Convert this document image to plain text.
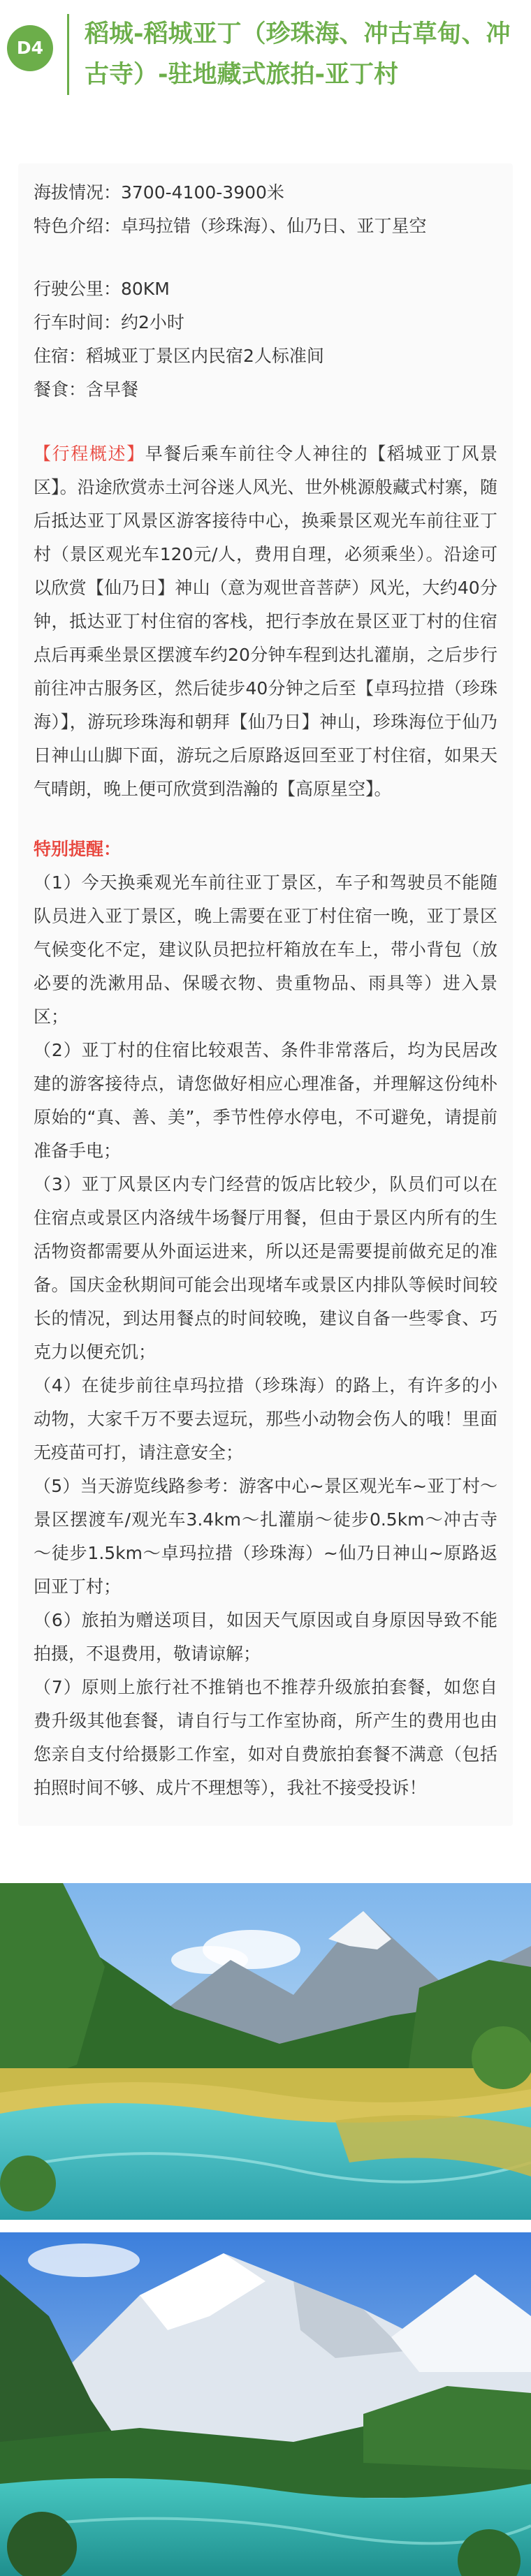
D4	稻城-稻城亚丁（珍珠海、冲古草甸、冲古寺）-驻地藏式旅拍-亚丁村
海拔情况：3700-4100-3900米
特色介绍：卓玛拉错（珍珠海）、仙乃日、亚丁星空
行驶公里：80KM
行车时间：约2小时
住宿：稻城亚丁景区内民宿2人标准间
餐食：含早餐
【行程概述】早餐后乘车前往令人神往的【稻城亚丁风景区】。沿途欣赏赤土河谷迷人风光、世外桃源般藏式村寨，随后抵达亚丁风景区游客接待中心，换乘景区观光车前往亚丁村（景区观光车120元/人，费用自理，必须乘坐）。沿途可以欣赏【仙乃日】神山（意为观世音菩萨）风光，大约40分钟，抵达亚丁村住宿的客栈，把行李放在景区亚丁村的住宿点后再乘坐景区摆渡车约20分钟车程到达扎灌崩，之后步行前往冲古服务区，然后徒步40分钟之后至【卓玛拉措（珍珠海）】，游玩珍珠海和朝拜【仙乃日】神山，珍珠海位于仙乃日神山山脚下面，游玩之后原路返回至亚丁村住宿，如果天气晴朗，晚上便可欣赏到浩瀚的【高原星空】。
特别提醒：
（1）今天换乘观光车前往亚丁景区，车子和驾驶员不能随队员进入亚丁景区，晚上需要在亚丁村住宿一晚，亚丁景区气候变化不定，建议队员把拉杆箱放在车上，带小背包（放必要的洗漱用品、保暖衣物、贵重物品、雨具等）进入景区；
（2）亚丁村的住宿比较艰苦、条件非常落后，均为民居改建的游客接待点，请您做好相应心理准备，并理解这份纯朴原始的“真、善、美”，季节性停水停电，不可避免，请提前准备手电；
（3）亚丁风景区内专门经营的饭店比较少，队员们可以在住宿点或景区内洛绒牛场餐厅用餐，但由于景区内所有的生活物资都需要从外面运进来，所以还是需要提前做充足的准备。国庆金秋期间可能会出现堵车或景区内排队等候时间较长的情况，到达用餐点的时间较晚，建议自备一些零食、巧克力以便充饥；
（4）在徒步前往卓玛拉措（珍珠海）的路上，有许多的小动物，大家千万不要去逗玩，那些小动物会伤人的哦！里面无疫苗可打，请注意安全；
（5）当天游览线路参考：游客中心~景区观光车~亚丁村～景区摆渡车/观光车3.4km～扎灌崩～徒步0.5km～冲古寺～徒步1.5km～卓玛拉措（珍珠海）~仙乃日神山~原路返回亚丁村；
（6）旅拍为赠送项目，如因天气原因或自身原因导致不能拍摄，不退费用，敬请谅解；
（7）原则上旅行社不推销也不推荐升级旅拍套餐，如您自费升级其他套餐，请自行与工作室协商，所产生的费用也由您亲自支付给摄影工作室，如对自费旅拍套餐不满意（包括拍照时间不够、成片不理想等），我社不接受投诉！
